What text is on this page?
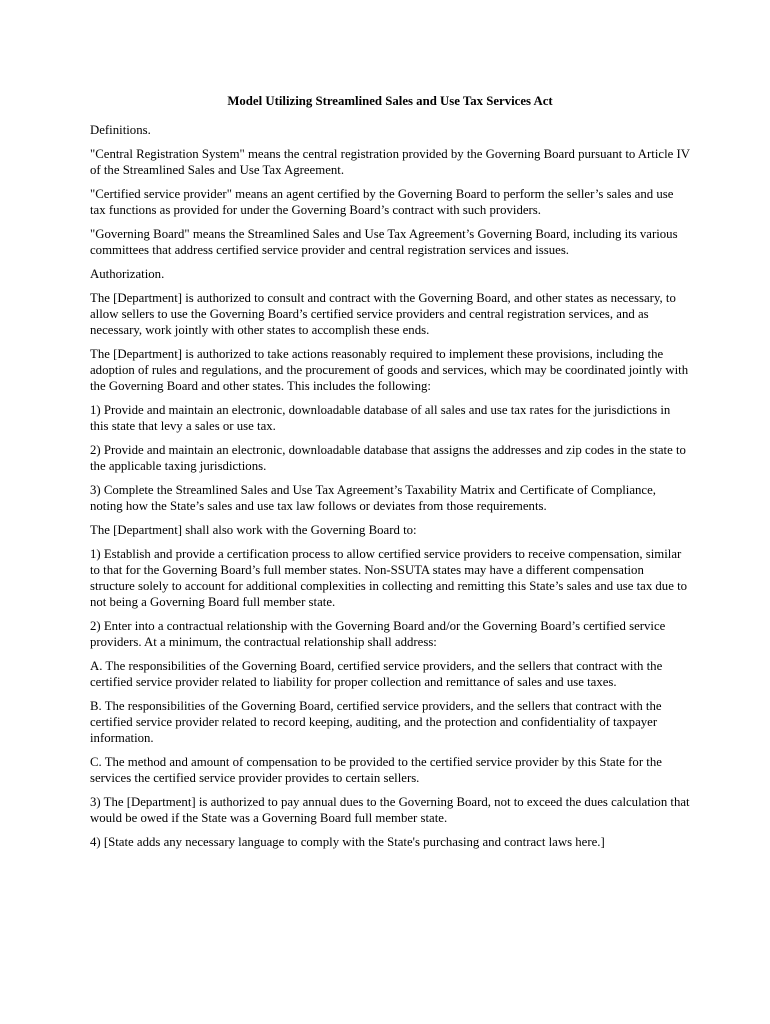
Model Utilizing Streamlined Sales and Use Tax Services Act

Definitions.

"Central Registration System" means the central registration provided by the Governing Board pursuant to Article IV of the Streamlined Sales and Use Tax Agreement.

"Certified service provider" means an agent certified by the Governing Board to perform the seller’s sales and use tax functions as provided for under the Governing Board’s contract with such providers.

"Governing Board" means the Streamlined Sales and Use Tax Agreement’s Governing Board, including its various committees that address certified service provider and central registration services and issues.

Authorization.

The [Department] is authorized to consult and contract with the Governing Board, and other states as necessary, to allow sellers to use the Governing Board’s certified service providers and central registration services, and as necessary, work jointly with other states to accomplish these ends.

The [Department] is authorized to take actions reasonably required to implement these provisions, including the adoption of rules and regulations, and the procurement of goods and services, which may be coordinated jointly with the Governing Board and other states. This includes the following:

1) Provide and maintain an electronic, downloadable database of all sales and use tax rates for the jurisdictions in this state that levy a sales or use tax.

2) Provide and maintain an electronic, downloadable database that assigns the addresses and zip codes in the state to the applicable taxing jurisdictions.

3) Complete the Streamlined Sales and Use Tax Agreement’s Taxability Matrix and Certificate of Compliance, noting how the State’s sales and use tax law follows or deviates from those requirements.

The [Department] shall also work with the Governing Board to:

1) Establish and provide a certification process to allow certified service providers to receive compensation, similar to that for the Governing Board’s full member states. Non-SSUTA states may have a different compensation structure solely to account for additional complexities in collecting and remitting this State’s sales and use tax due to not being a Governing Board full member state.

2) Enter into a contractual relationship with the Governing Board and/or the Governing Board’s certified service providers. At a minimum, the contractual relationship shall address:

A. The responsibilities of the Governing Board, certified service providers, and the sellers that contract with the certified service provider related to liability for proper collection and remittance of sales and use taxes.

B. The responsibilities of the Governing Board, certified service providers, and the sellers that contract with the certified service provider related to record keeping, auditing, and the protection and confidentiality of taxpayer information.

C. The method and amount of compensation to be provided to the certified service provider by this State for the services the certified service provider provides to certain sellers.

3) The [Department] is authorized to pay annual dues to the Governing Board, not to exceed the dues calculation that would be owed if the State was a Governing Board full member state.

4) [State adds any necessary language to comply with the State's purchasing and contract laws here.]
